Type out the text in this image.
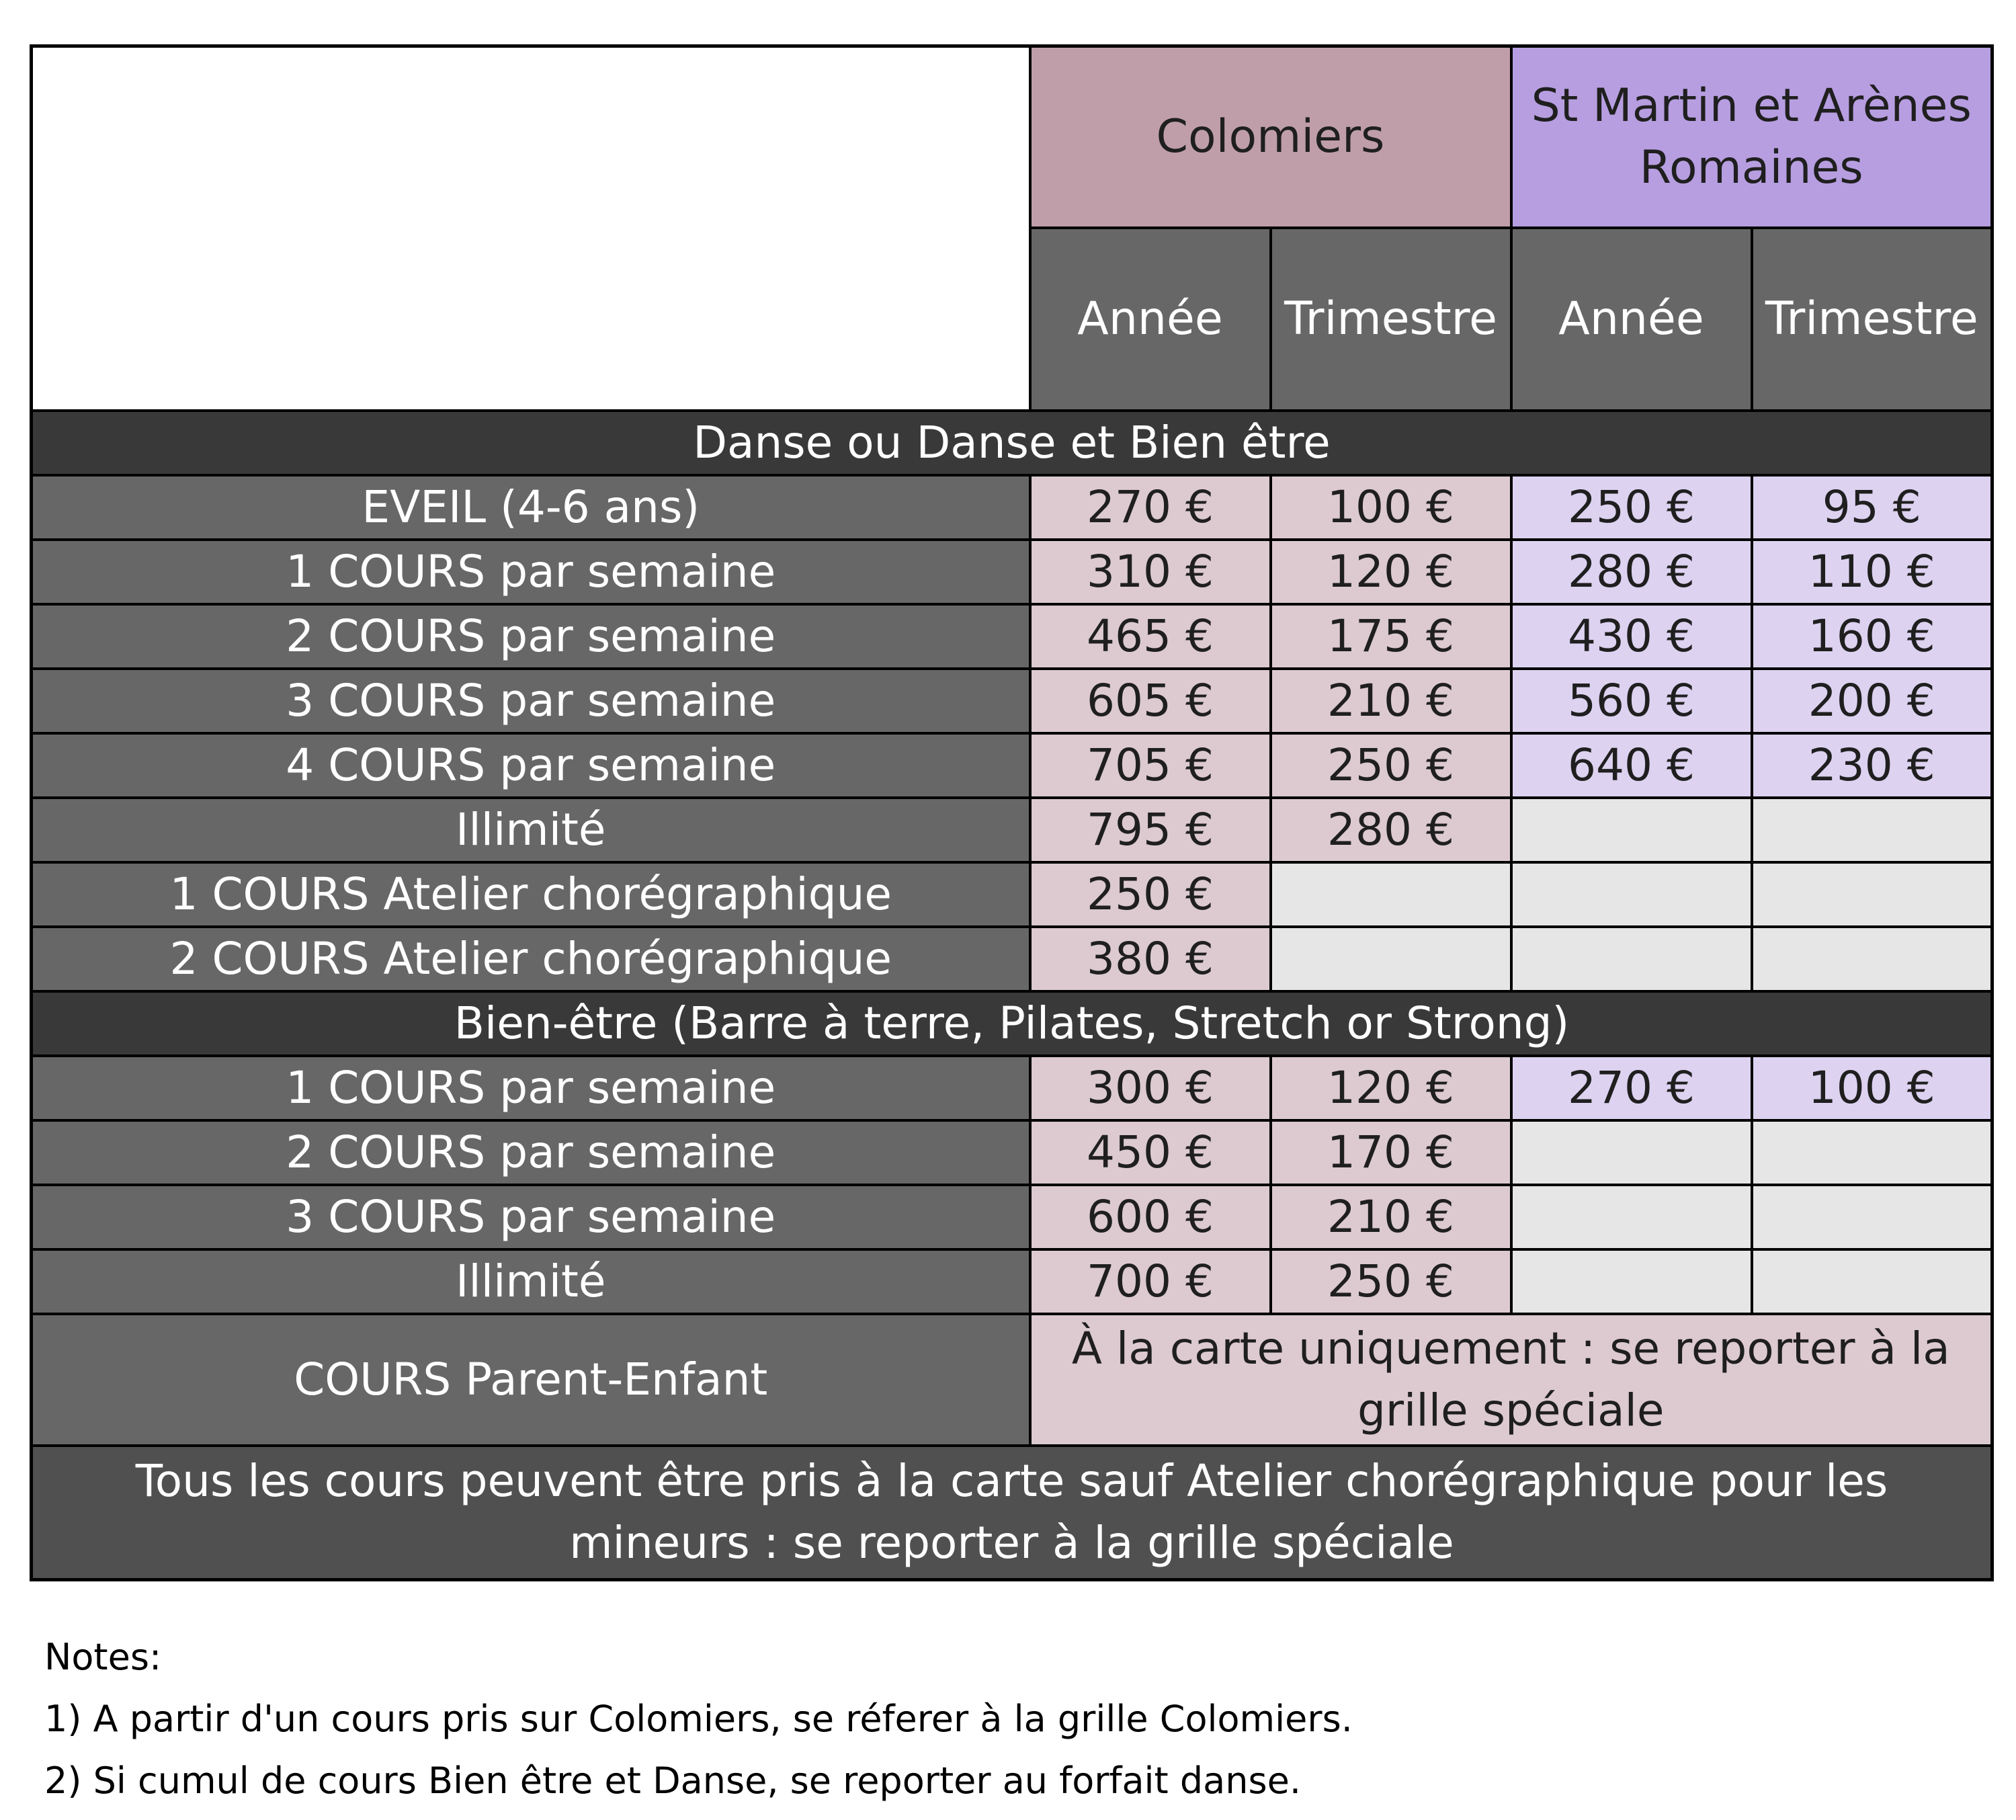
	Colomiers		St Martin et Arènes Romaines	
	Année	Trimestre	Année	Trimestre
Danse ou Danse et Bien être				
EVEIL (4-6 ans)	270 €	100 €	250 €	95 €
1 COURS par semaine	310 €	120 €	280 €	110 €
2 COURS par semaine	465 €	175 €	430 €	160 €
3 COURS par semaine	605 €	210 €	560 €	200 €
4 COURS par semaine	705 €	250 €	640 €	230 €
Illimité	795 €	280 €		
1 COURS Atelier chorégraphique	250 €			
2 COURS Atelier chorégraphique	380 €			
Bien-être (Barre à terre, Pilates, Stretch or Strong)				
1 COURS par semaine	300 €	120 €	270 €	100 €
2 COURS par semaine	450 €	170 €		
3 COURS par semaine	600 €	210 €		
Illimité	700 €	250 €		
COURS Parent-Enfant	À la carte uniquement : se reporter à la grille spéciale			
Tous les cours peuvent être pris à la carte sauf Atelier chorégraphique pour les mineurs : se reporter à la grille spéciale				
Notes:
1) A partir d'un cours pris sur Colomiers, se réferer à la grille Colomiers.
2) Si cumul de cours Bien être et Danse, se reporter au forfait danse.
